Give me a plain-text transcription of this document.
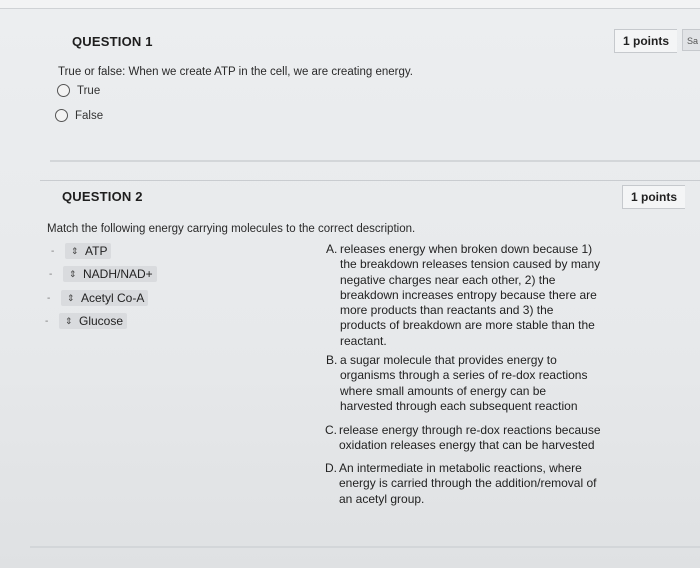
QUESTION 1	1 points	Sa
True or false: When we create ATP in the cell, we are creating energy.
True
False
QUESTION 2	1 points
Match the following energy carrying molecules to the correct description.
-	⇕ ATP
-	⇕ NADH/NAD+
-	⇕ Acetyl Co-A
-	⇕ Glucose
A. releases energy when broken down because 1)
the breakdown releases tension caused by many
negative charges near each other, 2) the
breakdown increases entropy because there are
more products than reactants and 3) the
products of breakdown are more stable than the
reactant.
B. a sugar molecule that provides energy to
organisms through a series of re-dox reactions
where small amounts of energy can be
harvested through each subsequent reaction
C. release energy through re-dox reactions because
oxidation releases energy that can be harvested
D. An intermediate in metabolic reactions, where
energy is carried through the addition/removal of
an acetyl group.
